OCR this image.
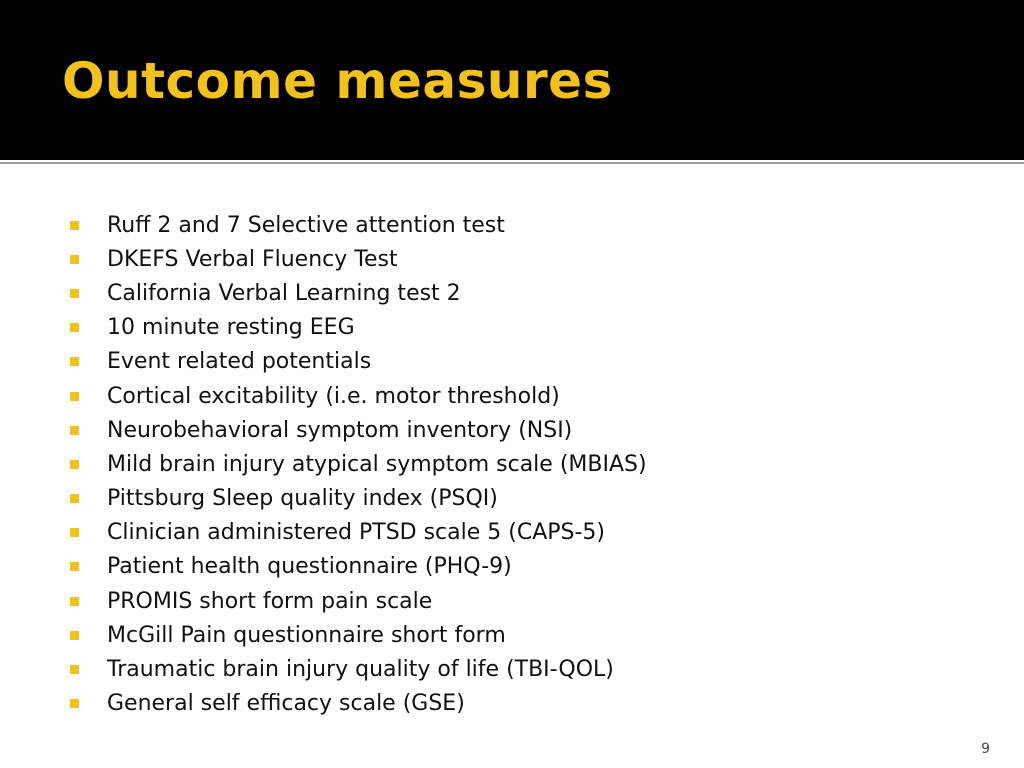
Outcome measures
Ruff 2 and 7 Selective attention test
DKEFS Verbal Fluency Test
California Verbal Learning test 2
10 minute resting EEG
Event related potentials
Cortical excitability (i.e. motor threshold)
Neurobehavioral symptom inventory (NSI)
Mild brain injury atypical symptom scale (MBIAS)
Pittsburg Sleep quality index (PSQI)
Clinician administered PTSD scale 5 (CAPS-5)
Patient health questionnaire (PHQ-9)
PROMIS short form pain scale
McGill Pain questionnaire short form
Traumatic brain injury quality of life (TBI-QOL)
General self efficacy scale (GSE)
9
